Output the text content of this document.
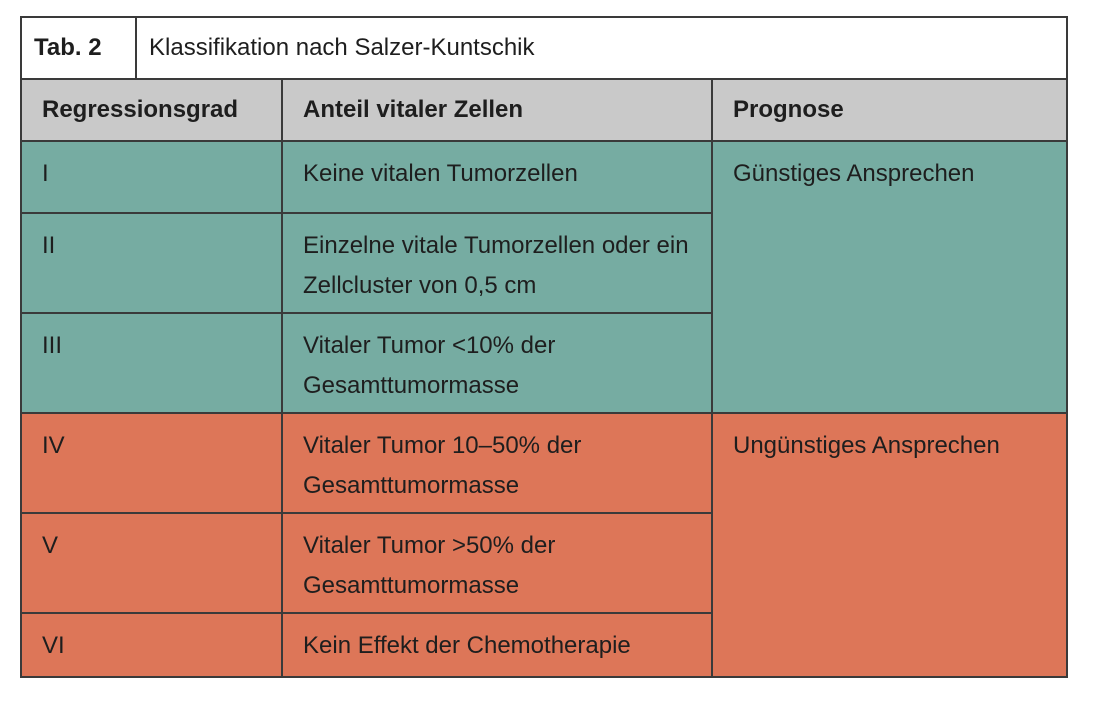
Tab. 2	Klassifikation nach Salzer-Kuntschik		
Regressionsgrad		Anteil vitaler Zellen	Prognose
I		Keine vitalen Tumorzellen	Günstiges Ansprechen
II		Einzelne vitale Tumorzellen oder ein Zellcluster von 0,5 cm	
III		Vitaler Tumor <10% der Gesamttumormasse	
IV		Vitaler Tumor 10–50% der Gesamttumormasse	Ungünstiges Ansprechen
V		Vitaler Tumor >50% der Gesamttumormasse	
VI		Kein Effekt der Chemotherapie	
